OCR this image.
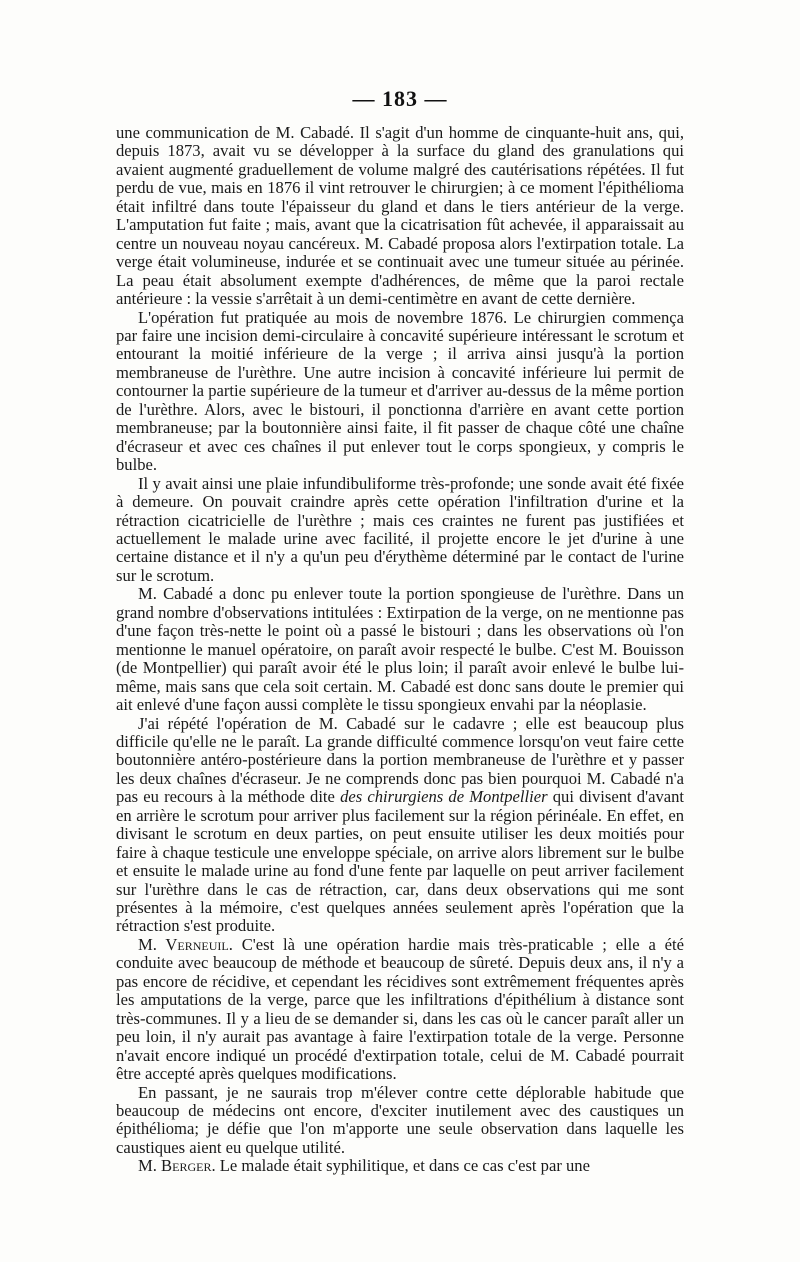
— 183 —

une communication de M. Cabadé. Il s'agit d'un homme de cinquante-huit ans, qui, depuis 1873, avait vu se développer à la surface du gland des granulations qui avaient augmenté graduellement de volume malgré des cautérisations répétées. Il fut perdu de vue, mais en 1876 il vint retrouver le chirurgien; à ce moment l'épithélioma était infiltré dans toute l'épaisseur du gland et dans le tiers antérieur de la verge. L'amputation fut faite ; mais, avant que la cicatrisation fût achevée, il apparaissait au centre un nouveau noyau cancéreux. M. Cabadé proposa alors l'extirpation totale. La verge était volumineuse, indurée et se continuait avec une tumeur située au périnée. La peau était absolument exempte d'adhérences, de même que la paroi rectale antérieure : la vessie s'arrêtait à un demi-centimètre en avant de cette dernière.

L'opération fut pratiquée au mois de novembre 1876. Le chirurgien commença par faire une incision demi-circulaire à concavité supérieure intéressant le scrotum et entourant la moitié inférieure de la verge ; il arriva ainsi jusqu'à la portion membraneuse de l'urèthre. Une autre incision à concavité inférieure lui permit de contourner la partie supérieure de la tumeur et d'arriver au-dessus de la même portion de l'urèthre. Alors, avec le bistouri, il ponctionna d'arrière en avant cette portion membraneuse; par la boutonnière ainsi faite, il fit passer de chaque côté une chaîne d'écraseur et avec ces chaînes il put enlever tout le corps spongieux, y compris le bulbe.

Il y avait ainsi une plaie infundibuliforme très-profonde; une sonde avait été fixée à demeure. On pouvait craindre après cette opération l'infiltration d'urine et la rétraction cicatricielle de l'urèthre ; mais ces craintes ne furent pas justifiées et actuellement le malade urine avec facilité, il projette encore le jet d'urine à une certaine distance et il n'y a qu'un peu d'érythème déterminé par le contact de l'urine sur le scrotum.

M. Cabadé a donc pu enlever toute la portion spongieuse de l'urèthre. Dans un grand nombre d'observations intitulées : Extirpation de la verge, on ne mentionne pas d'une façon très-nette le point où a passé le bistouri ; dans les observations où l'on mentionne le manuel opératoire, on paraît avoir respecté le bulbe. C'est M. Bouisson (de Montpellier) qui paraît avoir été le plus loin; il paraît avoir enlevé le bulbe lui-même, mais sans que cela soit certain. M. Cabadé est donc sans doute le premier qui ait enlevé d'une façon aussi complète le tissu spongieux envahi par la néoplasie.

J'ai répété l'opération de M. Cabadé sur le cadavre ; elle est beaucoup plus difficile qu'elle ne le paraît. La grande difficulté commence lorsqu'on veut faire cette boutonnière antéro-postérieure dans la portion membraneuse de l'urèthre et y passer les deux chaînes d'écraseur. Je ne comprends donc pas bien pourquoi M. Cabadé n'a pas eu recours à la méthode dite des chirurgiens de Montpellier qui divisent d'avant en arrière le scrotum pour arriver plus facilement sur la région périnéale. En effet, en divisant le scrotum en deux parties, on peut ensuite utiliser les deux moitiés pour faire à chaque testicule une enveloppe spéciale, on arrive alors librement sur le bulbe et ensuite le malade urine au fond d'une fente par laquelle on peut arriver facilement sur l'urèthre dans le cas de rétraction, car, dans deux observations qui me sont présentes à la mémoire, c'est quelques années seulement après l'opération que la rétraction s'est produite.

M. Verneuil. C'est là une opération hardie mais très-praticable ; elle a été conduite avec beaucoup de méthode et beaucoup de sûreté. Depuis deux ans, il n'y a pas encore de récidive, et cependant les récidives sont extrêmement fréquentes après les amputations de la verge, parce que les infiltrations d'épithélium à distance sont très-communes. Il y a lieu de se demander si, dans les cas où le cancer paraît aller un peu loin, il n'y aurait pas avantage à faire l'extirpation totale de la verge. Personne n'avait encore indiqué un procédé d'extirpation totale, celui de M. Cabadé pourrait être accepté après quelques modifications.

En passant, je ne saurais trop m'élever contre cette déplorable habitude que beaucoup de médecins ont encore, d'exciter inutilement avec des caustiques un épithélioma; je défie que l'on m'apporte une seule observation dans laquelle les caustiques aient eu quelque utilité.

M. Berger. Le malade était syphilitique, et dans ce cas c'est par une
